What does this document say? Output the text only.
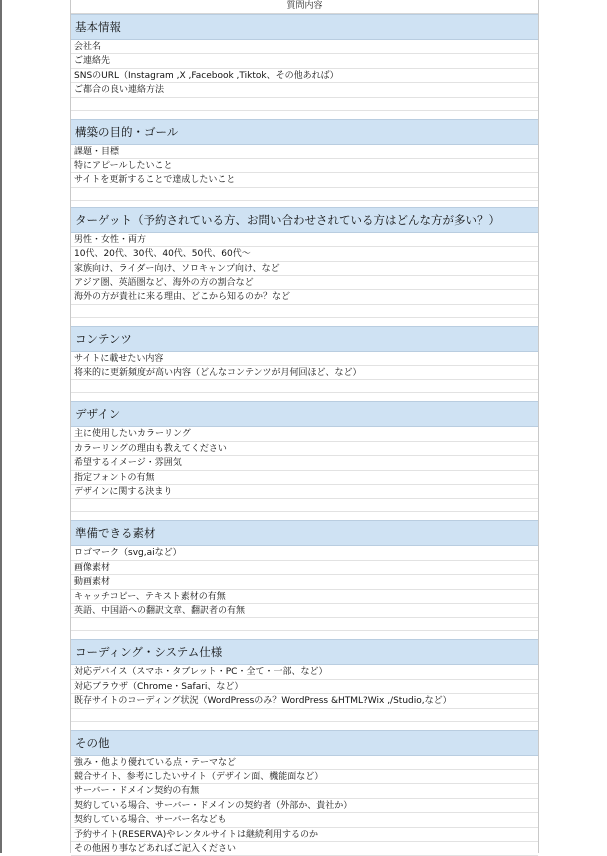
質問内容
基本情報
会社名
ご連絡先
SNSのURL（Instagram ,X ,Facebook ,Tiktok、その他あれば）
ご都合の良い連絡方法
構築の目的・ゴール
課題・目標
特にアピールしたいこと
サイトを更新することで達成したいこと
ターゲット（予約されている方、お問い合わせされている方はどんな方が多い？）
男性・女性・両方
10代、20代、30代、40代、50代、60代〜
家族向け、ライダー向け、ソロキャンプ向け、など
アジア圏、英語圏など、海外の方の割合など
海外の方が貴社に来る理由、どこから知るのか？など
コンテンツ
サイトに載せたい内容
将来的に更新頻度が高い内容（どんなコンテンツが月何回ほど、など）
デザイン
主に使用したいカラーリング
カラーリングの理由も教えてください
希望するイメージ・雰囲気
指定フォントの有無
デザインに関する決まり
準備できる素材
ロゴマーク（svg,aiなど）
画像素材
動画素材
キャッチコピー、テキスト素材の有無
英語、中国語への翻訳文章、翻訳者の有無
コーディング・システム仕様
対応デバイス（スマホ・タブレット・PC・全て・一部、など）
対応ブラウザ（Chrome・Safari、など）
既存サイトのコーディング状況（WordPressのみ？WordPress &HTML?Wix ,/Studio,など）
その他
強み・他より優れている点・テーマなど
競合サイト、参考にしたいサイト（デザイン面、機能面など）
サーバー・ドメイン契約の有無
契約している場合、サーバー・ドメインの契約者（外部か、貴社か）
契約している場合、サーバー名なども
予約サイト(RESERVA)やレンタルサイトは継続利用するのか
その他困り事などあればご記入ください
